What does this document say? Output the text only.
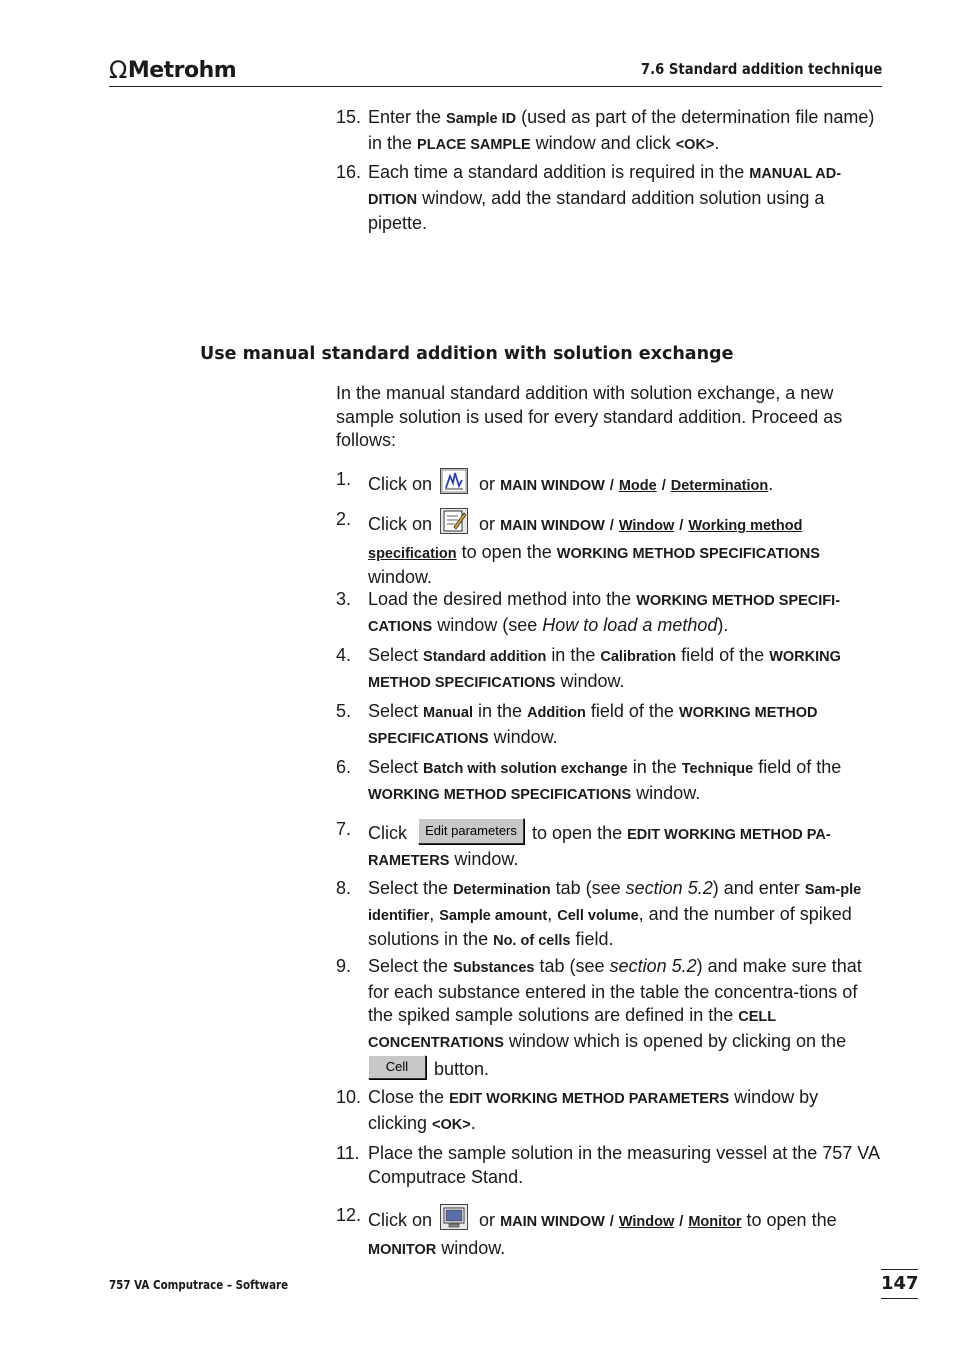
Ω Metrohm	7.6 Standard addition technique
15. Enter the Sample ID (used as part of the determination file name) in the PLACE SAMPLE window and click <OK>.
16. Each time a standard addition is required in the MANUAL AD-DITION window, add the standard addition solution using a pipette.
Use manual standard addition with solution exchange
In the manual standard addition with solution exchange, a new sample solution is used for every standard addition. Proceed as follows:
1. Click on	or MAIN WINDOW / Mode / Determination.
2. Click on	or MAIN WINDOW / Window / Working method specification to open the WORKING METHOD SPECIFICATIONS window.
3. Load the desired method into the WORKING METHOD SPECIFI-CATIONS window (see How to load a method).
4. Select Standard addition in the Calibration field of the WORKING METHOD SPECIFICATIONS window.
5. Select Manual in the Addition field of the WORKING METHOD SPECIFICATIONS window.
6. Select Batch with solution exchange in the Technique field of the WORKING METHOD SPECIFICATIONS window.
7. Click Edit parameters to open the EDIT WORKING METHOD PA-RAMETERS window.
8. Select the Determination tab (see section 5.2) and enter Sam-ple identifier, Sample amount, Cell volume, and the number of spiked solutions in the No. of cells field.
9. Select the Substances tab (see section 5.2) and make sure that for each substance entered in the table the concentra-tions of the spiked sample solutions are defined in the CELL CONCENTRATIONS window which is opened by clicking on the Cell button.
10. Close the EDIT WORKING METHOD PARAMETERS window by clicking <OK>.
11. Place the sample solution in the measuring vessel at the 757 VA Computrace Stand.
12. Click on	or MAIN WINDOW / Window / Monitor to open the MONITOR window.
757 VA Computrace – Software	147
